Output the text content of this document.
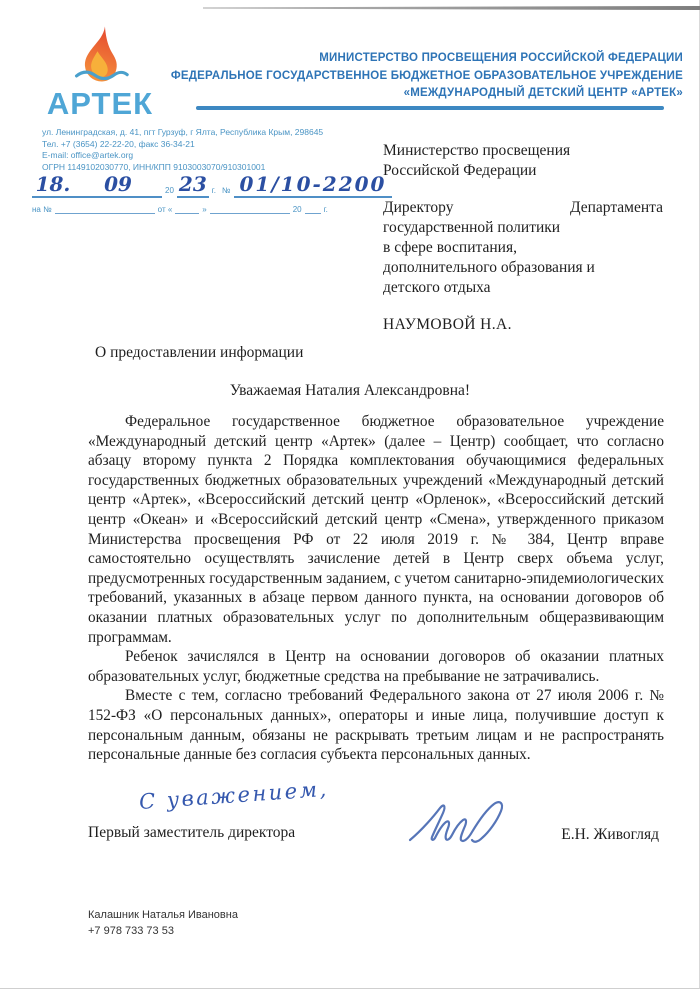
АРТЕК
МИНИСТЕРСТВО ПРОСВЕЩЕНИЯ РОССИЙСКОЙ ФЕДЕРАЦИИ
ФЕДЕРАЛЬНОЕ ГОСУДАРСТВЕННОЕ БЮДЖЕТНОЕ ОБРАЗОВАТЕЛЬНОЕ УЧРЕЖДЕНИЕ
«МЕЖДУНАРОДНЫЙ ДЕТСКИЙ ЦЕНТР «АРТЕК»
ул. Ленинградская, д. 41, пгт Гурзуф, г Ялта, Республика Крым, 298645
Тел. +7 (3654) 22-22-20, факс 36-34-21
E-mail: office@artek.org
ОГРН 1149102030770, ИНН/КПП 9103003070/910301001
18.	09	20 23 г. № 01/10-2200
на №	от «	»	20	г.
Министерство просвещения
Российской Федерации
Директору Департамента
государственной политики
в сфере воспитания,
дополнительного образования и
детского отдыха
НАУМОВОЙ Н.А.
О предоставлении информации
Уважаемая Наталия Александровна!

Федеральное государственное бюджетное образовательное учреждение «Международный детский центр «Артек» (далее – Центр) сообщает, что согласно абзацу второму пункта 2 Порядка комплектования обучающимися федеральных государственных бюджетных образовательных учреждений «Международный детский центр «Артек», «Всероссийский детский центр «Орленок», «Всероссийский детский центр «Океан» и «Всероссийский детский центр «Смена», утвержденного приказом Министерства просвещения РФ от 22 июля 2019 г. № 384, Центр вправе самостоятельно осуществлять зачисление детей в Центр сверх объема услуг, предусмотренных государственным заданием, с учетом санитарно-эпидемиологических требований, указанных в абзаце первом данного пункта, на основании договоров об оказании платных образовательных услуг по дополнительным общеразвивающим программам.

Ребенок зачислялся в Центр на основании договоров об оказании платных образовательных услуг, бюджетные средства на пребывание не затрачивались.

Вместе с тем, согласно требований Федерального закона от 27 июля 2006 г. № 152-ФЗ «О персональных данных», операторы и иные лица, получившие доступ к персональным данным, обязаны не раскрывать третьим лицам и не распространять персональные данные без согласия субъекта персональных данных.

С уважением,
Первый заместитель директора	Е.Н. Живогляд
Калашник Наталья Ивановна
+7 978 733 73 53
